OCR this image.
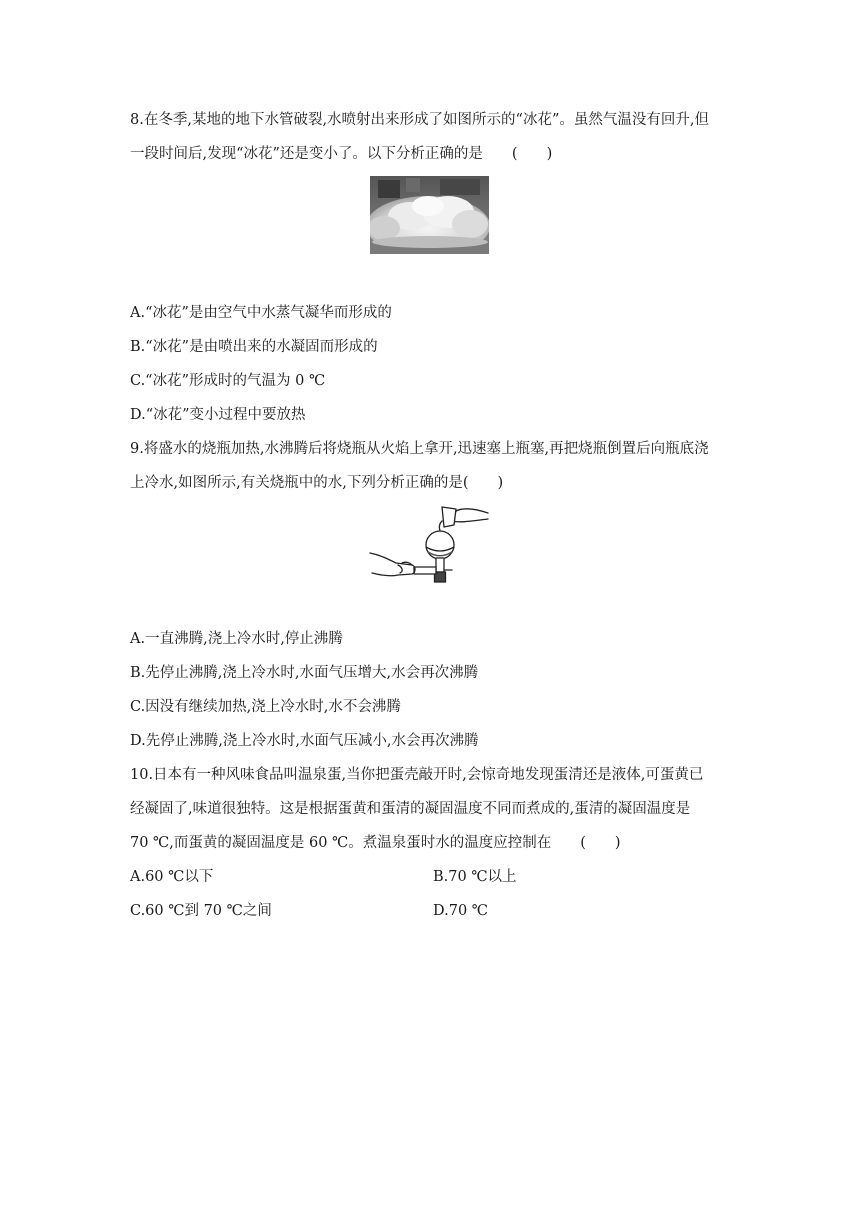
8.在冬季,某地的地下水管破裂,水喷射出来形成了如图所示的“冰花”。虽然气温没有回升,但
一段时间后,发现“冰花”还是变小了。以下分析正确的是　　(　　)
A.“冰花”是由空气中水蒸气凝华而形成的
B.“冰花”是由喷出来的水凝固而形成的
C.“冰花”形成时的气温为 0 ℃
D.“冰花”变小过程中要放热
9.将盛水的烧瓶加热,水沸腾后将烧瓶从火焰上拿开,迅速塞上瓶塞,再把烧瓶倒置后向瓶底浇
上冷水,如图所示,有关烧瓶中的水,下列分析正确的是(　　)
A.一直沸腾,浇上冷水时,停止沸腾
B.先停止沸腾,浇上冷水时,水面气压增大,水会再次沸腾
C.因没有继续加热,浇上冷水时,水不会沸腾
D.先停止沸腾,浇上冷水时,水面气压减小,水会再次沸腾
10.日本有一种风味食品叫温泉蛋,当你把蛋壳敲开时,会惊奇地发现蛋清还是液体,可蛋黄已
经凝固了,味道很独特。这是根据蛋黄和蛋清的凝固温度不同而煮成的,蛋清的凝固温度是
70 ℃,而蛋黄的凝固温度是 60 ℃。煮温泉蛋时水的温度应控制在　　(　　)
A.60 ℃以下	B.70 ℃以上
C.60 ℃到 70 ℃之间	D.70 ℃
